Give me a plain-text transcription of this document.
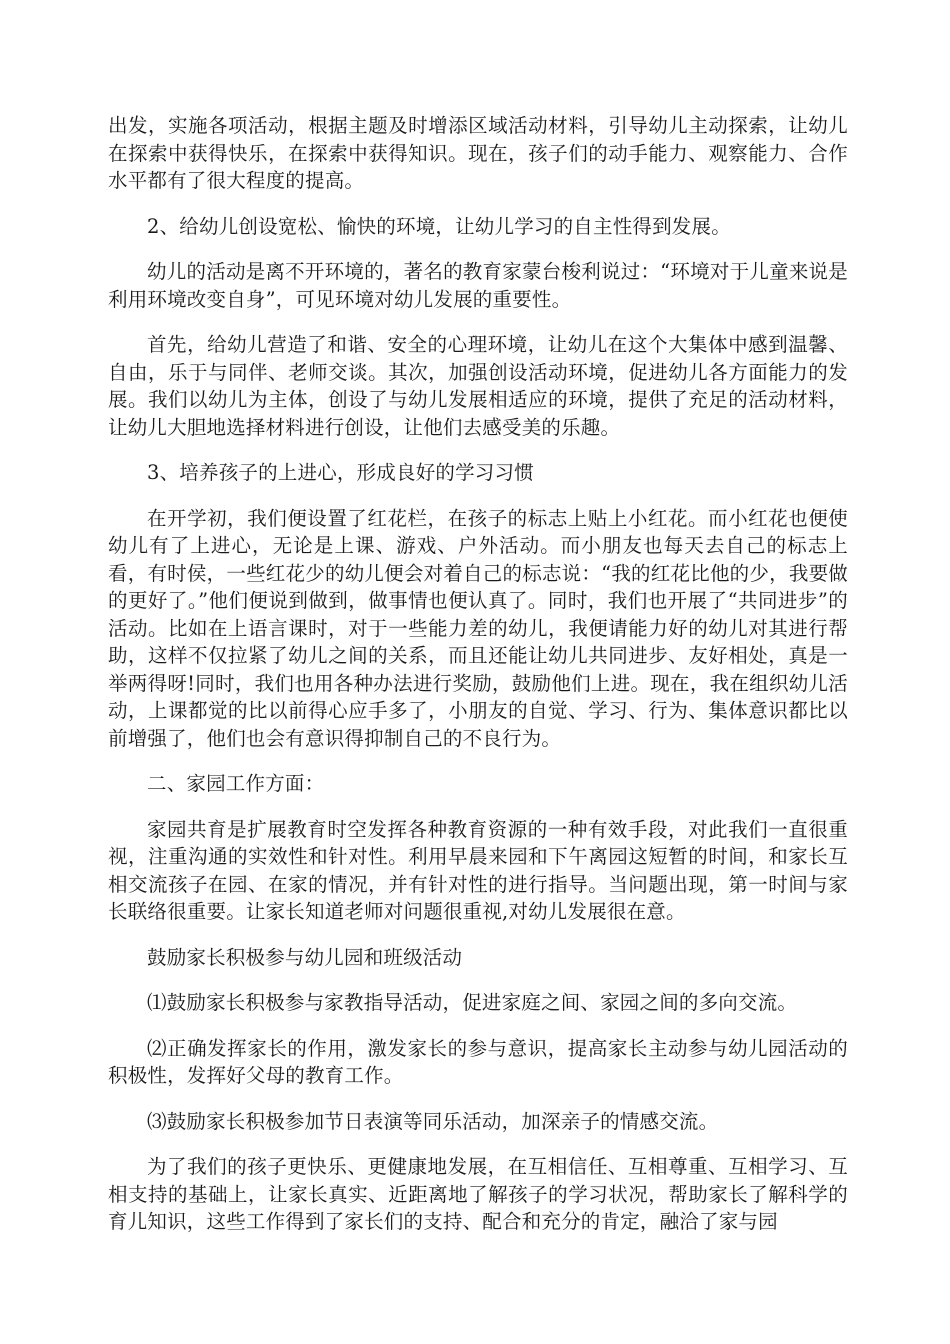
出发，实施各项活动，根据主题及时增添区域活动材料，引导幼儿主动探索，让幼儿在探索中获得快乐，在探索中获得知识。现在，孩子们的动手能力、观察能力、合作水平都有了很大程度的提高。

2、给幼儿创设宽松、愉快的环境，让幼儿学习的自主性得到发展。

幼儿的活动是离不开环境的，著名的教育家蒙台梭利说过：“环境对于儿童来说是利用环境改变自身”，可见环境对幼儿发展的重要性。

首先，给幼儿营造了和谐、安全的心理环境，让幼儿在这个大集体中感到温馨、自由，乐于与同伴、老师交谈。其次，加强创设活动环境，促进幼儿各方面能力的发展。我们以幼儿为主体，创设了与幼儿发展相适应的环境，提供了充足的活动材料，让幼儿大胆地选择材料进行创设，让他们去感受美的乐趣。

3、培养孩子的上进心，形成良好的学习习惯

在开学初，我们便设置了红花栏，在孩子的标志上贴上小红花。而小红花也便使幼儿有了上进心，无论是上课、游戏、户外活动。而小朋友也每天去自己的标志上看，有时侯，一些红花少的幼儿便会对着自己的标志说：“我的红花比他的少，我要做的更好了。”他们便说到做到，做事情也便认真了。同时，我们也开展了“共同进步”的活动。比如在上语言课时，对于一些能力差的幼儿，我便请能力好的幼儿对其进行帮助，这样不仅拉紧了幼儿之间的关系，而且还能让幼儿共同进步、友好相处，真是一举两得呀!同时，我们也用各种办法进行奖励，鼓励他们上进。现在，我在组织幼儿活动，上课都觉的比以前得心应手多了，小朋友的自觉、学习、行为、集体意识都比以前增强了，他们也会有意识得抑制自己的不良行为。

二、家园工作方面：

家园共育是扩展教育时空发挥各种教育资源的一种有效手段，对此我们一直很重视，注重沟通的实效性和针对性。利用早晨来园和下午离园这短暂的时间，和家长互相交流孩子在园、在家的情况，并有针对性的进行指导。当问题出现，第一时间与家长联络很重要。让家长知道老师对问题很重视,对幼儿发展很在意。

鼓励家长积极参与幼儿园和班级活动

⑴鼓励家长积极参与家教指导活动，促进家庭之间、家园之间的多向交流。

⑵正确发挥家长的作用，激发家长的参与意识，提高家长主动参与幼儿园活动的积极性，发挥好父母的教育工作。

⑶鼓励家长积极参加节日表演等同乐活动，加深亲子的情感交流。

为了我们的孩子更快乐、更健康地发展，在互相信任、互相尊重、互相学习、互相支持的基础上，让家长真实、近距离地了解孩子的学习状况，帮助家长了解科学的育儿知识，这些工作得到了家长们的支持、配合和充分的肯定，融洽了家与园
